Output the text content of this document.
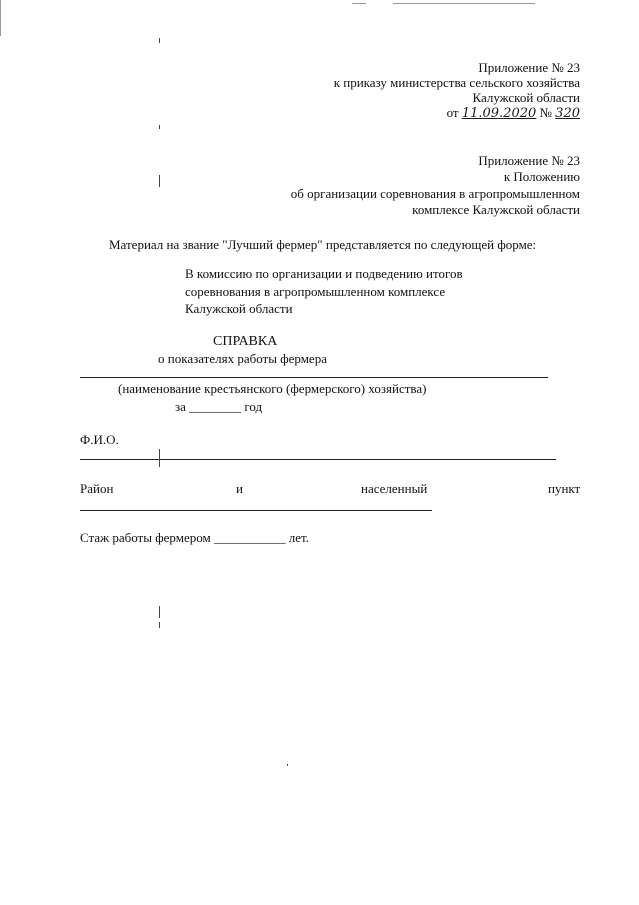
Приложение № 23
к приказу министерства сельского хозяйства
Калужской области
от 11.09.2020 № 320
Приложение № 23
к Положению
об организации соревнования в агропромышленном
комплексе Калужской области
Материал на звание "Лучший фермер" представляется по следующей форме:
В комиссию по организации и подведению итогов
соревнования в агропромышленном комплексе
Калужской области
СПРАВКА
о показателях работы фермера
(наименование крестьянского (фермерского) хозяйства)
за ________ год
Ф.И.О.
Район	и	населенный	пункт
Стаж работы фермером ___________ лет.
